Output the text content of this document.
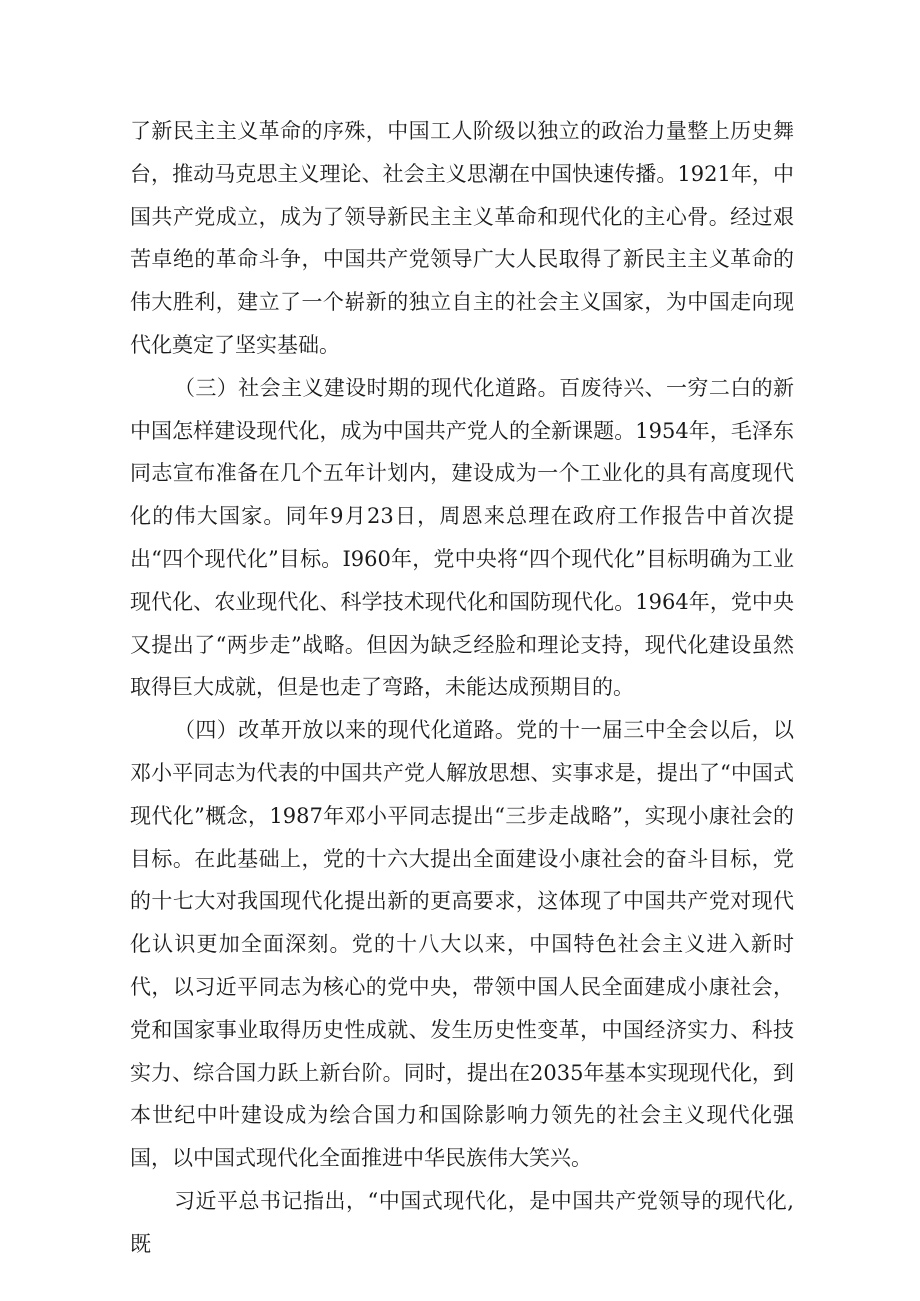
了新民主主义革命的序殊，中国工人阶级以独立的政治力量整上历史舞台，推动马克思主义理论、社会主义思潮在中国快速传播。1921年，中国共产党成立，成为了领导新民主主义革命和现代化的主心骨。经过艰苦卓绝的革命斗争，中国共产党领导广大人民取得了新民主主义革命的伟大胜利，建立了一个崭新的独立自主的社会主义国家，为中国走向现代化奠定了坚实基础。

（三）社会主义建设时期的现代化道路。百废待兴、一穷二白的新中国怎样建设现代化，成为中国共产党人的全新课题。1954年，毛泽东同志宣布准备在几个五年计划内，建设成为一个工业化的具有高度现代化的伟大国家。同年9月23日，周恩来总理在政府工作报告中首次提出“四个现代化”目标。I960年，党中央将“四个现代化”目标明确为工业现代化、农业现代化、科学技术现代化和国防现代化。1964年，党中央又提出了“两步走”战略。但因为缺乏经脸和理论支持，现代化建设虽然取得巨大成就，但是也走了弯路，未能达成预期目的。

（四）改革开放以来的现代化道路。党的十一届三中全会以后，以邓小平同志为代表的中国共产党人解放思想、实事求是，提出了“中国式现代化”概念，1987年邓小平同志提出“三步走战略”，实现小康社会的目标。在此基础上，党的十六大提出全面建设小康社会的奋斗目标，党的十七大对我国现代化提出新的更高要求，这体现了中国共产党对现代化认识更加全面深刻。党的十八大以来，中国特色社会主义进入新时代，以习近平同志为核心的党中央，带领中国人民全面建成小康社会，党和国家事业取得历史性成就、发生历史性变革，中国经济实力、科技实力、综合国力跃上新台阶。同时，提出在2035年基本实现现代化，到本世纪中叶建设成为绘合国力和国除影响力领先的社会主义现代化强国，以中国式现代化全面推进中华民族伟大笑兴。

习近平总书记指出，“中国式现代化，是中国共产党领导的现代化,既
